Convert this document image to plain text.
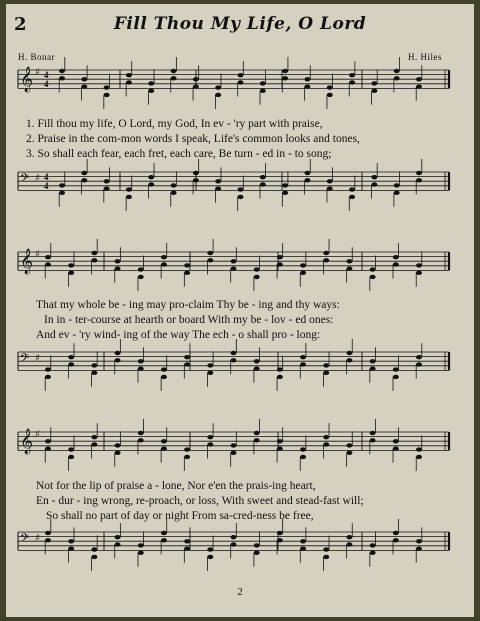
2	Fill Thou My Life, O Lord
H. Bonar	H. Hiles
𝄞 ♯ 4
4
𝄢 ♯ 4
4
𝄞 ♯
𝄢 ♯
𝄞 ♯
𝄢 ♯
1. Fill thou my life, O Lord, my God, In ev - 'ry part with praise,
2. Praise in the com-mon words I speak, Life's common looks and tones,
3. So shall each fear, each fret, each care, Be turn - ed in - to song;
That my whole be - ing may pro-claim Thy be - ing and thy ways:
In in - ter-course at hearth or board With my be - lov - ed ones:
And ev - 'ry wind- ing of the way The ech - o shall pro - long:
Not for the lip of praise a - lone, Nor e'en the prais-ing heart,
En - dur - ing wrong, re-proach, or loss, With sweet and stead-fast will;
So shall no part of day or night From sa-cred-ness be free,
2
